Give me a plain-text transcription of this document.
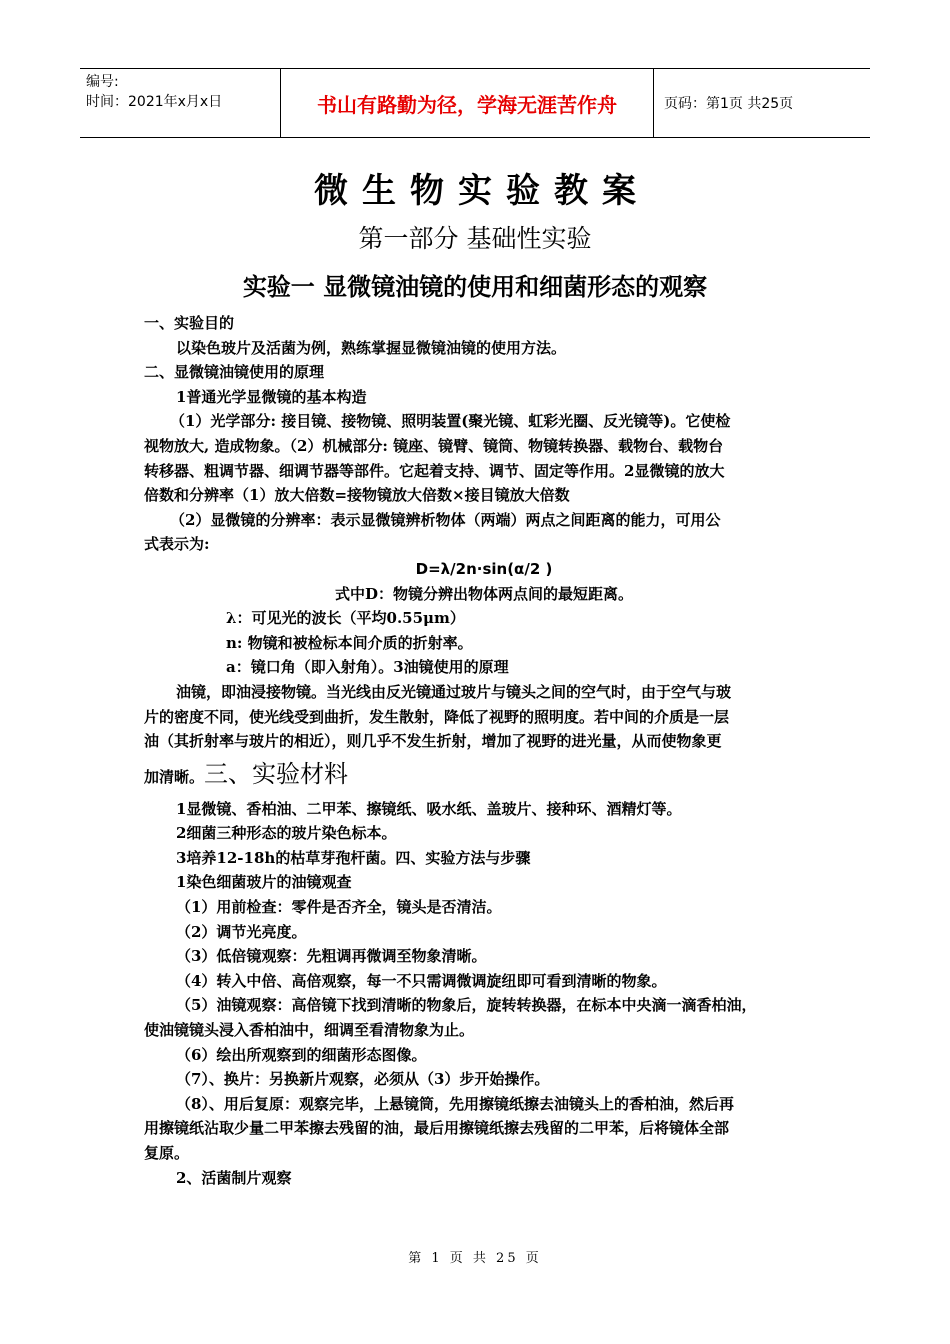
编号:
时间：2021年x月x日	书山有路勤为径，学海无涯苦作舟	页码：第1页 共25页
微生物实验教案
第一部分 基础性实验
实验一 显微镜油镜的使用和细菌形态的观察

一、实验目的

以染色玻片及活菌为例，熟练掌握显微镜油镜的使用方法。

二、显微镜油镜使用的原理

1普通光学显微镜的基本构造

（1）光学部分: 接目镜、接物镜、照明装置(聚光镜、虹彩光圈、反光镜等)。它使检

视物放大, 造成物象。（2）机械部分: 镜座、镜臂、镜筒、物镜转换器、载物台、载物台

转移器、粗调节器、细调节器等部件。它起着支持、调节、固定等作用。2显微镜的放大

倍数和分辨率（1）放大倍数=接物镜放大倍数×接目镜放大倍数

（2）显微镜的分辨率：表示显微镜辨析物体（两端）两点之间距离的能力，可用公

式表示为:

D=λ/2n·sin(α/2 )

式中D：物镜分辨出物体两点间的最短距离。

λ：可见光的波长（平均0.55μm）

n: 物镜和被检标本间介质的折射率。

a：镜口角（即入射角）。3油镜使用的原理

油镜，即油浸接物镜。当光线由反光镜通过玻片与镜头之间的空气时，由于空气与玻

片的密度不同，使光线受到曲折，发生散射，降低了视野的照明度。若中间的介质是一层

油（其折射率与玻片的相近），则几乎不发生折射，增加了视野的进光量，从而使物象更

加清晰。三、实验材料

1显微镜、香柏油、二甲苯、擦镜纸、吸水纸、盖玻片、接种环、酒精灯等。

2细菌三种形态的玻片染色标本。

3培养12-18h的枯草芽孢杆菌。四、实验方法与步骤

1染色细菌玻片的油镜观查

（1）用前检查：零件是否齐全，镜头是否清洁。

（2）调节光亮度。

（3）低倍镜观察：先粗调再微调至物象清晰。

（4）转入中倍、高倍观察，每一不只需调微调旋纽即可看到清晰的物象。

（5）油镜观察：高倍镜下找到清晰的物象后，旋转转换器，在标本中央滴一滴香柏油，

使油镜镜头浸入香柏油中，细调至看清物象为止。

（6）绘出所观察到的细菌形态图像。

（7）、换片：另换新片观察，必须从（3）步开始操作。

（8）、用后复原：观察完毕，上悬镜筒，先用擦镜纸擦去油镜头上的香柏油，然后再

用擦镜纸沾取少量二甲苯擦去残留的油，最后用擦镜纸擦去残留的二甲苯，后将镜体全部

复原。

2、活菌制片观察

第 1 页 共 25 页
